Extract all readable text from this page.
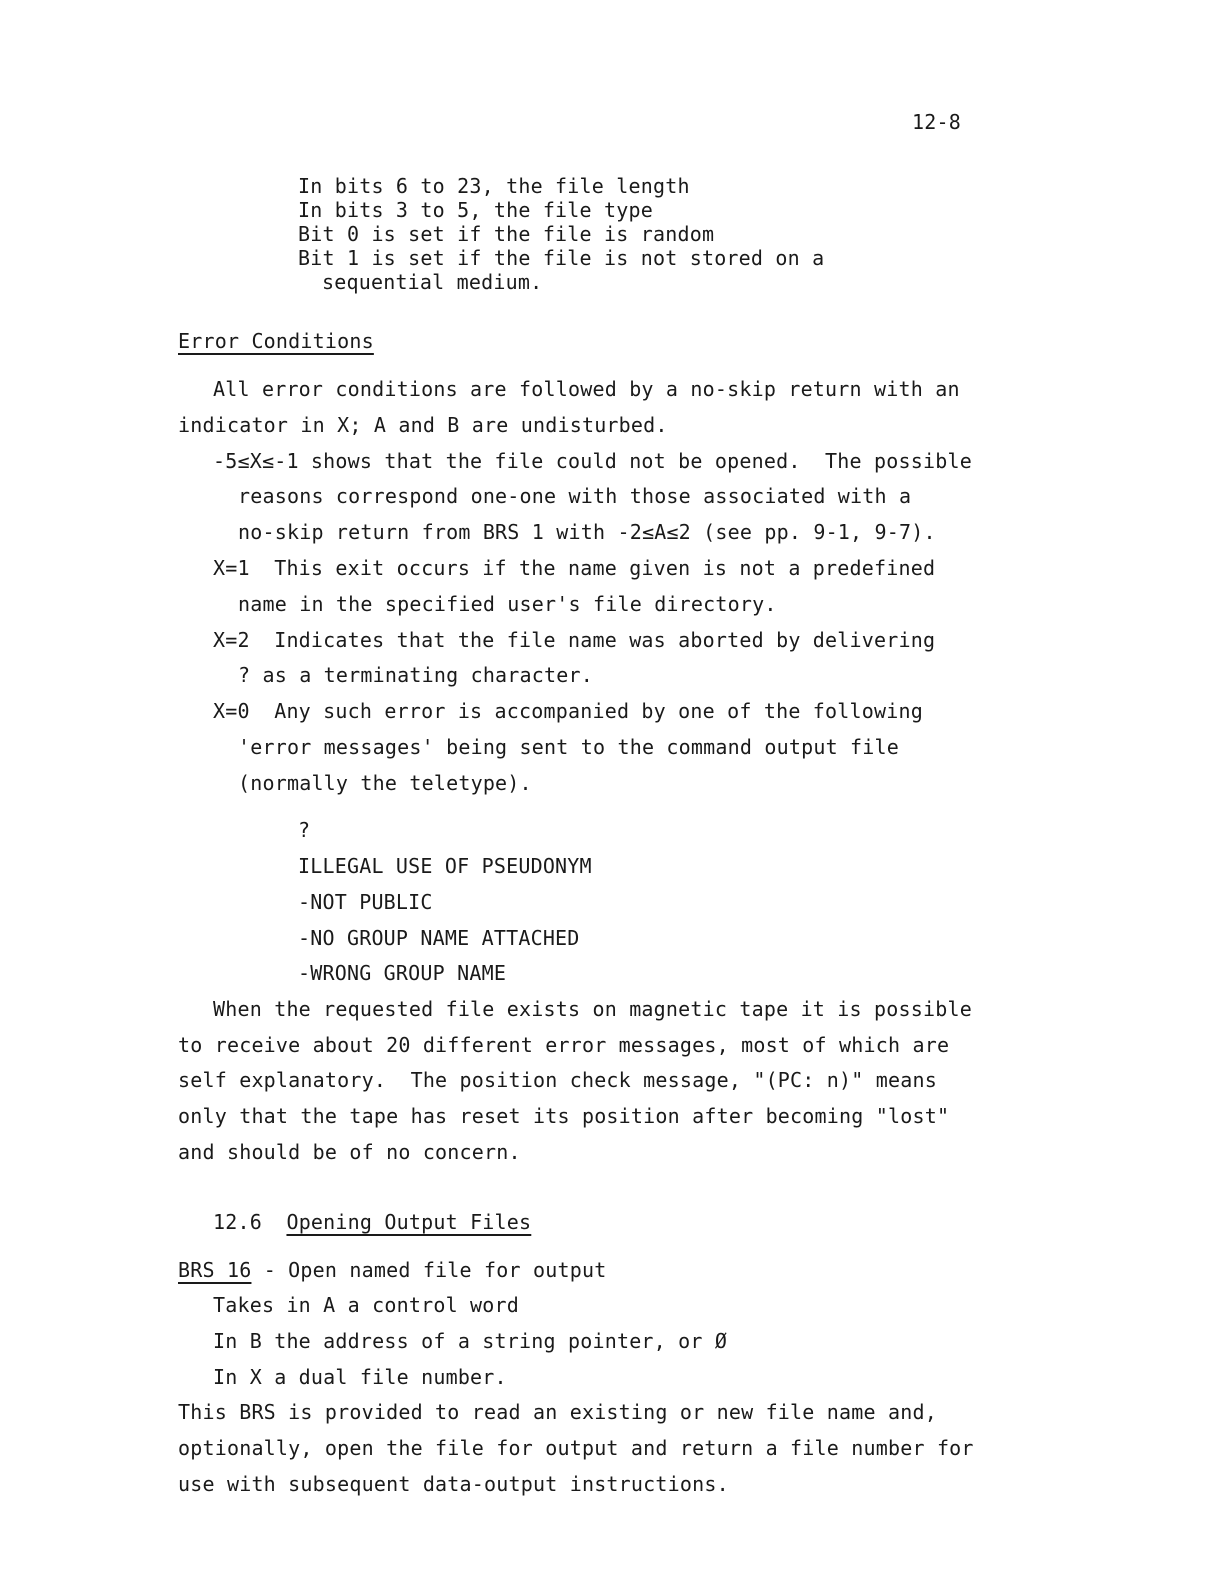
12-8
In bits 6 to 23, the file length
In bits 3 to 5, the file type
Bit 0 is set if the file is random
Bit 1 is set if the file is not stored on a
sequential medium.
Error Conditions
All error conditions are followed by a no-skip return with an
indicator in X; A and B are undisturbed.
-5≤X≤-1 shows that the file could not be opened.  The possible
reasons correspond one-one with those associated with a
no-skip return from BRS 1 with -2≤A≤2 (see pp. 9-1, 9-7).
X=1  This exit occurs if the name given is not a predefined
name in the specified user's file directory.
X=2  Indicates that the file name was aborted by delivering
? as a terminating character.
X=0  Any such error is accompanied by one of the following
'error messages' being sent to the command output file
(normally the teletype).
?
ILLEGAL USE OF PSEUDONYM
-NOT PUBLIC
-NO GROUP NAME ATTACHED
-WRONG GROUP NAME
When the requested file exists on magnetic tape it is possible
to receive about 20 different error messages, most of which are
self explanatory.  The position check message, "(PC: n)" means
only that the tape has reset its position after becoming "lost"
and should be of no concern.
12.6 Opening Output Files
BRS 16 - Open named file for output
Takes in A a control word
In B the address of a string pointer, or Ø
In X a dual file number.
This BRS is provided to read an existing or new file name and,
optionally, open the file for output and return a file number for
use with subsequent data-output instructions.
